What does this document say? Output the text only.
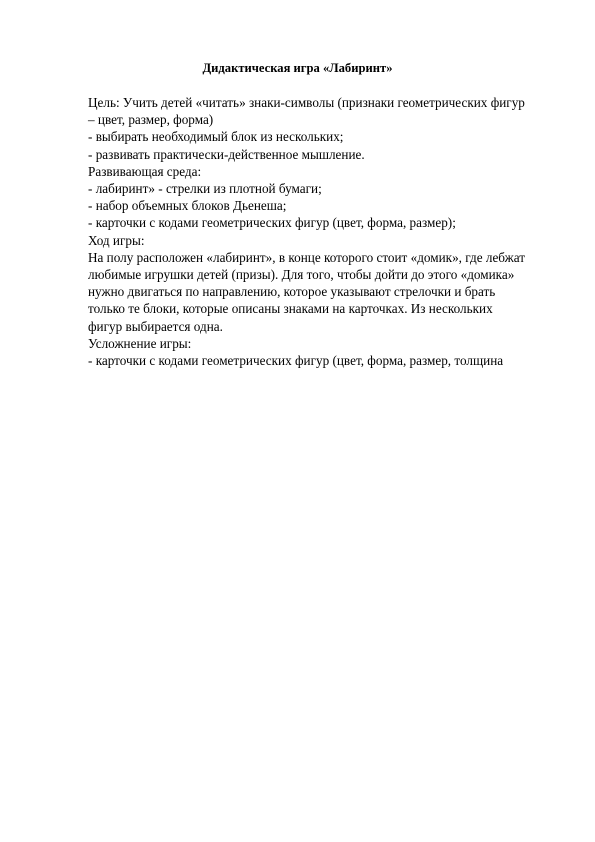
Дидактическая игра «Лабиринт»
Цель: Учить детей «читать» знаки-символы (признаки геометрических фигур
– цвет, размер, форма)
- выбирать необходимый блок из нескольких;
- развивать практически-действенное мышление.
Развивающая среда:
- лабиринт» - стрелки из плотной бумаги;
- набор объемных блоков Дьенеша;
- карточки с кодами геометрических фигур (цвет, форма, размер);
Ход игры:
На полу расположен «лабиринт», в конце которого стоит «домик», где лебжат
любимые игрушки детей (призы). Для того, чтобы дойти до этого «домика»
нужно двигаться по направлению, которое указывают стрелочки и брать
только те блоки, которые описаны знаками на карточках. Из нескольких
фигур выбирается одна.
Усложнение игры:
- карточки с кодами геометрических фигур (цвет, форма, размер, толщина
